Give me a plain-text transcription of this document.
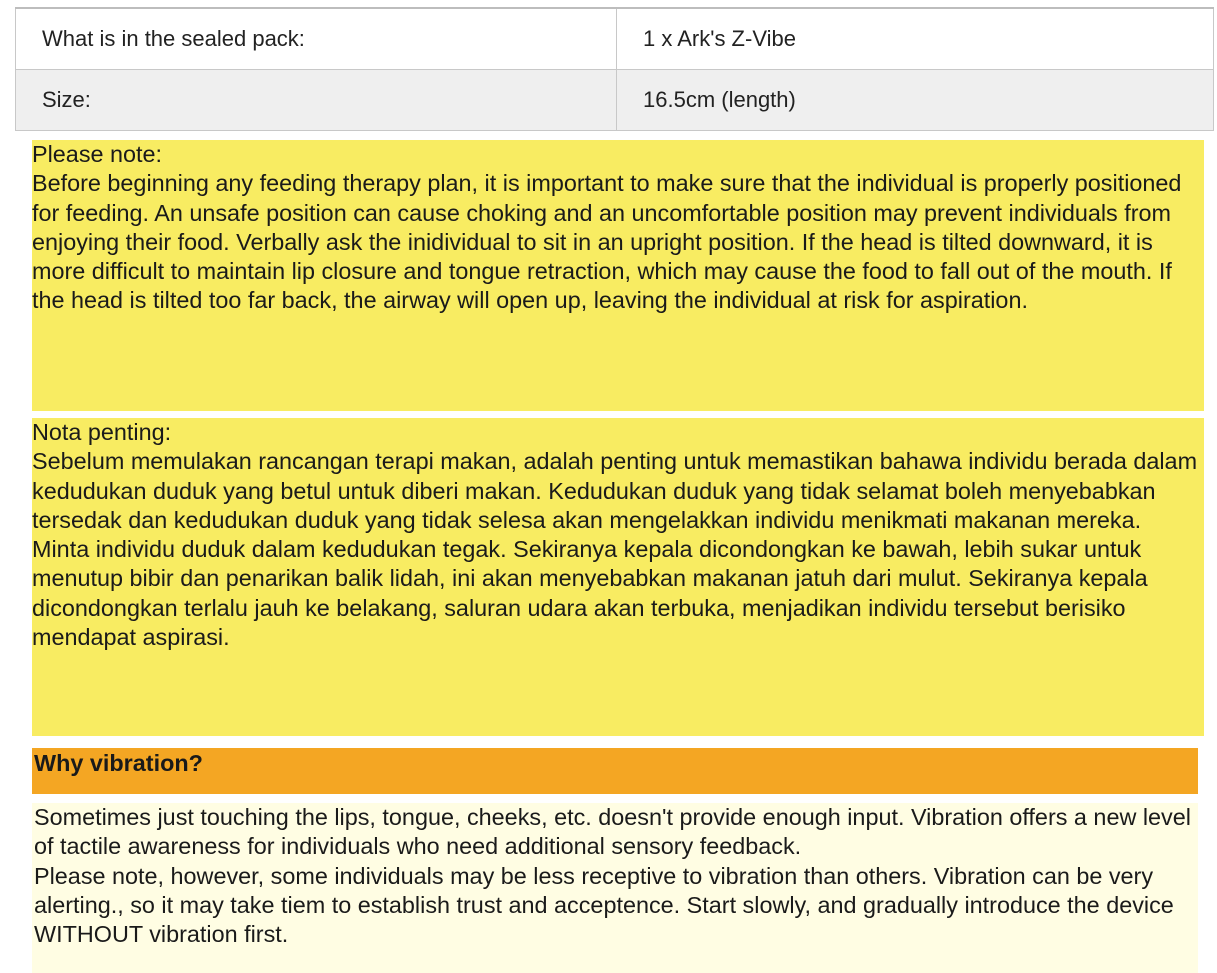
What is in the sealed pack:	1 x Ark's Z-Vibe
Size:	16.5cm (length)
Please note:

Before beginning any feeding therapy plan, it is important to make sure that the individual is properly positioned for feeding. An unsafe position can cause choking and an uncomfortable position may prevent individuals from enjoying their food. Verbally ask the inidividual to sit in an upright position. If the head is tilted downward, it is more difficult to maintain lip closure and tongue retraction, which may cause the food to fall out of the mouth. If the head is tilted too far back, the airway will open up, leaving the individual at risk for aspiration.

Nota penting:

Sebelum memulakan rancangan terapi makan, adalah penting untuk memastikan bahawa individu berada dalam kedudukan duduk yang betul untuk diberi makan. Kedudukan duduk yang tidak selamat boleh menyebabkan tersedak dan kedudukan duduk yang tidak selesa akan mengelakkan individu menikmati makanan mereka. Minta individu duduk dalam kedudukan tegak. Sekiranya kepala dicondongkan ke bawah, lebih sukar untuk menutup bibir dan penarikan balik lidah, ini akan menyebabkan makanan jatuh dari mulut. Sekiranya kepala dicondongkan terlalu jauh ke belakang, saluran udara akan terbuka, menjadikan individu tersebut berisiko mendapat aspirasi.

Why vibration?

Sometimes just touching the lips, tongue, cheeks, etc. doesn't provide enough input. Vibration offers a new level of tactile awareness for individuals who need additional sensory feedback.

Please note, however, some individuals may be less receptive to vibration than others. Vibration can be very alerting., so it may take tiem to establish trust and acceptence. Start slowly, and gradually introduce the device WITHOUT vibration first.
